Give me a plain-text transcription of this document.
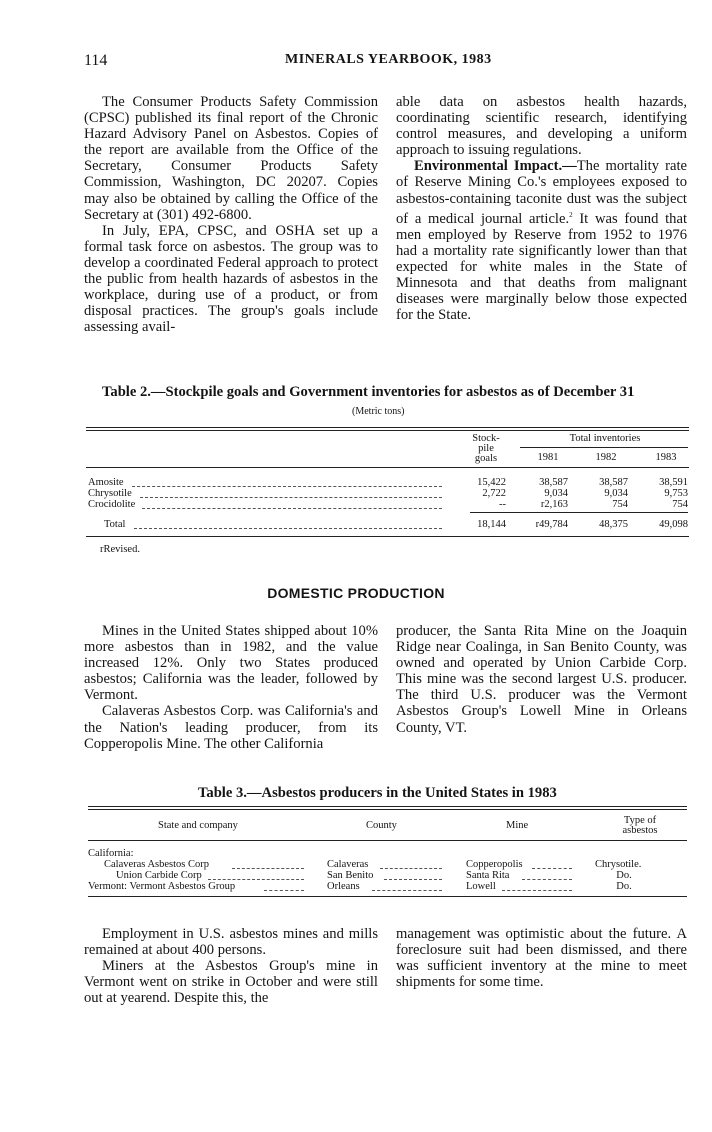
114	MINERALS YEARBOOK, 1983

The Consumer Products Safety Commission (CPSC) published its final report of the Chronic Hazard Advisory Panel on Asbestos. Copies of the report are available from the Office of the Secretary, Consumer Products Safety Commission, Washington, DC 20207. Copies may also be obtained by calling the Office of the Secretary at (301) 492-6800.

In July, EPA, CPSC, and OSHA set up a formal task force on asbestos. The group was to develop a coordinated Federal approach to protect the public from health hazards of asbestos in the workplace, during use of a product, or from disposal practices. The group's goals include assessing avail-

able data on asbestos health hazards, coordinating scientific research, identifying control measures, and developing a uniform approach to issuing regulations.

Environmental Impact.—The mortality rate of Reserve Mining Co.'s employees exposed to asbestos-containing taconite dust was the subject of a medical journal article.$^2$ It was found that men employed by Reserve from 1952 to 1976 had a mortality rate significantly lower than that expected for white males in the State of Minnesota and that deaths from malignant diseases were marginally below those expected for the State.

Table 2.—Stockpile goals and Government inventories for asbestos as of December 31
(Metric tons)
Stock-
pile
goals
Total inventories
1981	1982	1983
Amosite	15,422	38,587	38,587	38,591
Chrysotile	2,722	9,034	9,034	9,753
Crocidolite	--	r2,163	754	754
Total	18,144	r49,784	48,375	49,098
rRevised.
DOMESTIC PRODUCTION

Mines in the United States shipped about 10% more asbestos than in 1982, and the value increased 12%. Only two States produced asbestos; California was the leader, followed by Vermont.

Calaveras Asbestos Corp. was California's and the Nation's leading producer, from its Copperopolis Mine. The other California

producer, the Santa Rita Mine on the Joaquin Ridge near Coalinga, in San Benito County, was owned and operated by Union Carbide Corp. This mine was the second largest U.S. producer. The third U.S. producer was the Vermont Asbestos Group's Lowell Mine in Orleans County, VT.

Table 3.—Asbestos producers in the United States in 1983
State and company	County	Mine	Type of
asbestos
California:
Calaveras Asbestos Corp	Calaveras	Copperopolis	Chrysotile.
Union Carbide Corp	San Benito	Santa Rita	Do.
Vermont: Vermont Asbestos Group	Orleans	Lowell	Do.

Employment in U.S. asbestos mines and mills remained at about 400 persons.

Miners at the Asbestos Group's mine in Vermont went on strike in October and were still out at yearend. Despite this, the

management was optimistic about the future. A foreclosure suit had been dismissed, and there was sufficient inventory at the mine to meet shipments for some time.
